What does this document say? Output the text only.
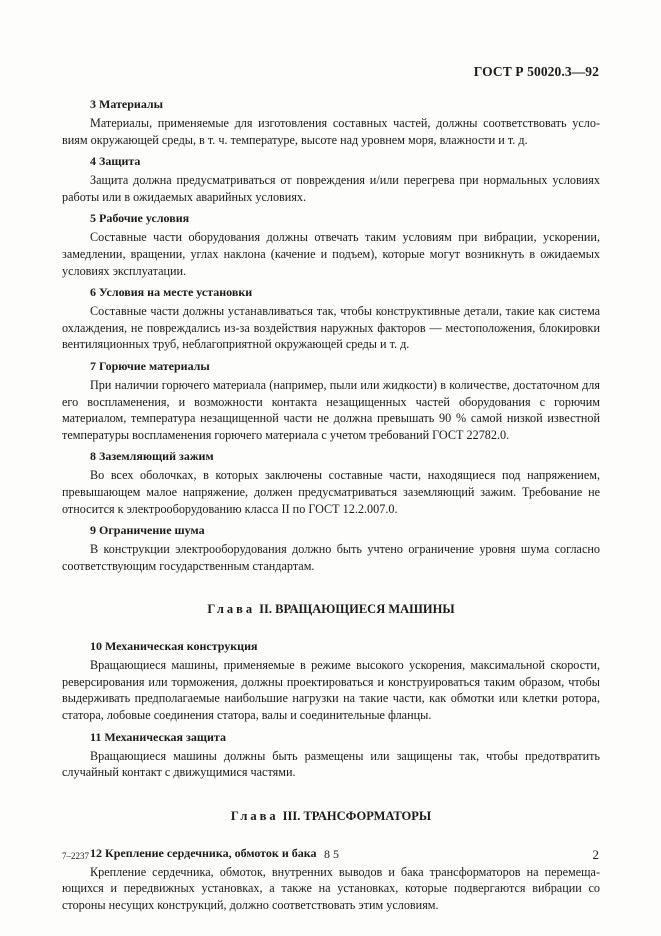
ГОСТ Р 50020.3—92
3 Материалы

Материалы, применяемые для изготовления составных частей, должны соответствовать условиям окружающей среды, в т. ч. температуре, высоте над уровнем моря, влажности и т. д.

4 Защита

Защита должна предусматриваться от повреждения и/или перегрева при нормальных условиях работы или в ожидаемых аварийных условиях.

5 Рабочие условия

Составные части оборудования должны отвечать таким условиям при вибрации, ускорении, замедлении, вращении, углах наклона (качение и подъем), которые могут возникнуть в ожидаемых условиях эксплуатации.

6 Условия на месте установки

Составные части должны устанавливаться так, чтобы конструктивные детали, такие как система охлаждения, не повреждались из-за воздействия наружных факторов — местоположения, блокировки вентиляционных труб, неблагоприятной окружающей среды и т. д.

7 Горючие материалы

При наличии горючего материала (например, пыли или жидкости) в количестве, достаточном для его воспламенения, и возможности контакта незащищенных частей оборудования с горючим материалом, температура незащищенной части не должна превышать 90 % самой низкой известной температуры воспламенения горючего материала с учетом требований ГОСТ 22782.0.

8 Заземляющий зажим

Во всех оболочках, в которых заключены составные части, находящиеся под напряжением, превышающем малое напряжение, должен предусматриваться заземляющий зажим. Требование не относится к электрооборудованию класса II по ГОСТ 12.2.007.0.

9 Ограничение шума

В конструкции электрооборудования должно быть учтено ограничение уровня шума согласно соответствующим государственным стандартам.

Глава II. ВРАЩАЮЩИЕСЯ МАШИНЫ
10 Механическая конструкция

Вращающиеся машины, применяемые в режиме высокого ускорения, максимальной скорости, реверсирования или торможения, должны проектироваться и конструироваться таким образом, чтобы выдерживать предполагаемые наибольшие нагрузки на такие части, как обмотки или клетки ротора, статора, лобовые соединения статора, валы и соединительные фланцы.

11 Механическая защита

Вращающиеся машины должны быть размещены или защищены так, чтобы предотвратить случайный контакт с движущимися частями.

Глава III. ТРАНСФОРМАТОРЫ
12 Крепление сердечника, обмоток и бака

Крепление сердечника, обмоток, внутренних выводов и бака трансформаторов на перемещающихся и передвижных установках, а также на установках, которые подвергаются вибрации со стороны несущих конструкций, должно соответствовать этим условиям.

7–2237	85	2
